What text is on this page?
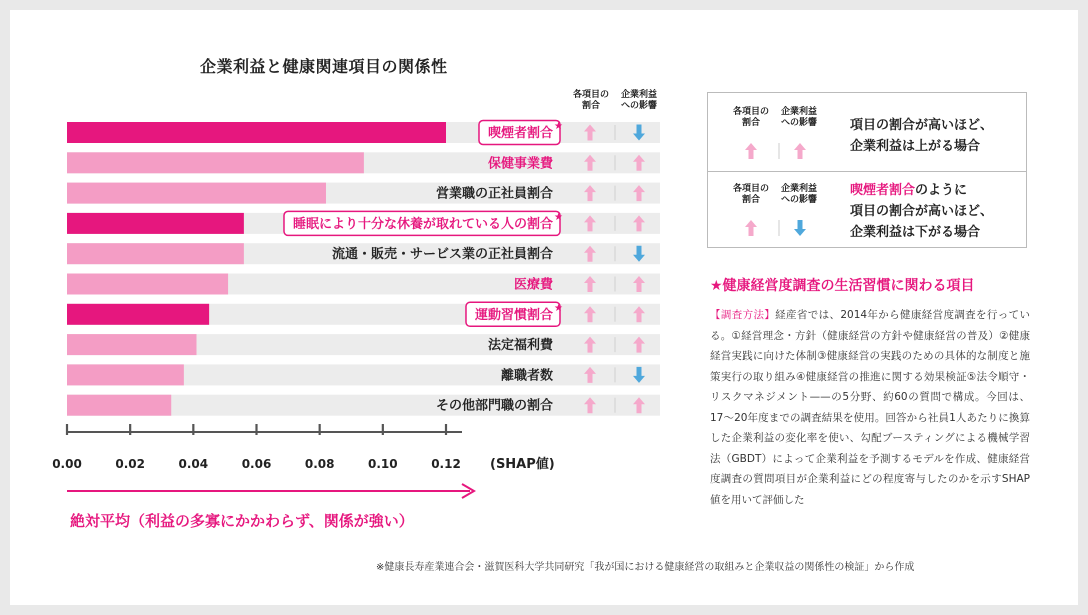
企業利益と健康関連項目の関係性
各項目の
割合
企業利益
への影響
喫煙者割合 ★
保健事業費
営業職の正社員割合
睡眠により十分な休養が取れている人の割合 ★
流通・販売・サービス業の正社員割合
医療費
運動習慣割合 ★
法定福利費
離職者数
その他部門職の割合
0.00	0.02	0.04	0.06	0.08	0.10	0.12 (SHAP値)
絶対平均（利益の多寡にかかわらず、関係が強い）
各項目の
割合
企業利益
への影響	項目の割合が高いほど、
企業利益は上がる場合
各項目の
割合
企業利益
への影響
喫煙者割合のように
項目の割合が高いほど、
企業利益は下がる場合
★健康経営度調査の生活習慣に関わる項目
【調査方法】経産省では、2014年から健康経営度調査を行っている。①経営理念・方針（健康経営の方針や健康経営の普及）②健康経営実践に向けた体制③健康経営の実践のための具体的な制度と施策実行の取り組み④健康経営の推進に関する効果検証⑤法令順守・リスクマネジメント——の5分野、約60の質問で構成。今回は、17〜20年度までの調査結果を使用。回答から社員1人あたりに換算した企業利益の変化率を使い、勾配ブースティングによる機械学習法（GBDT）によって企業利益を予測するモデルを作成、健康経営度調査の質問項目が企業利益にどの程度寄与したのかを示すSHAP値を用いて評価した
※健康長寿産業連合会・滋賀医科大学共同研究「我が国における健康経営の取組みと企業収益の関係性の検証」から作成
